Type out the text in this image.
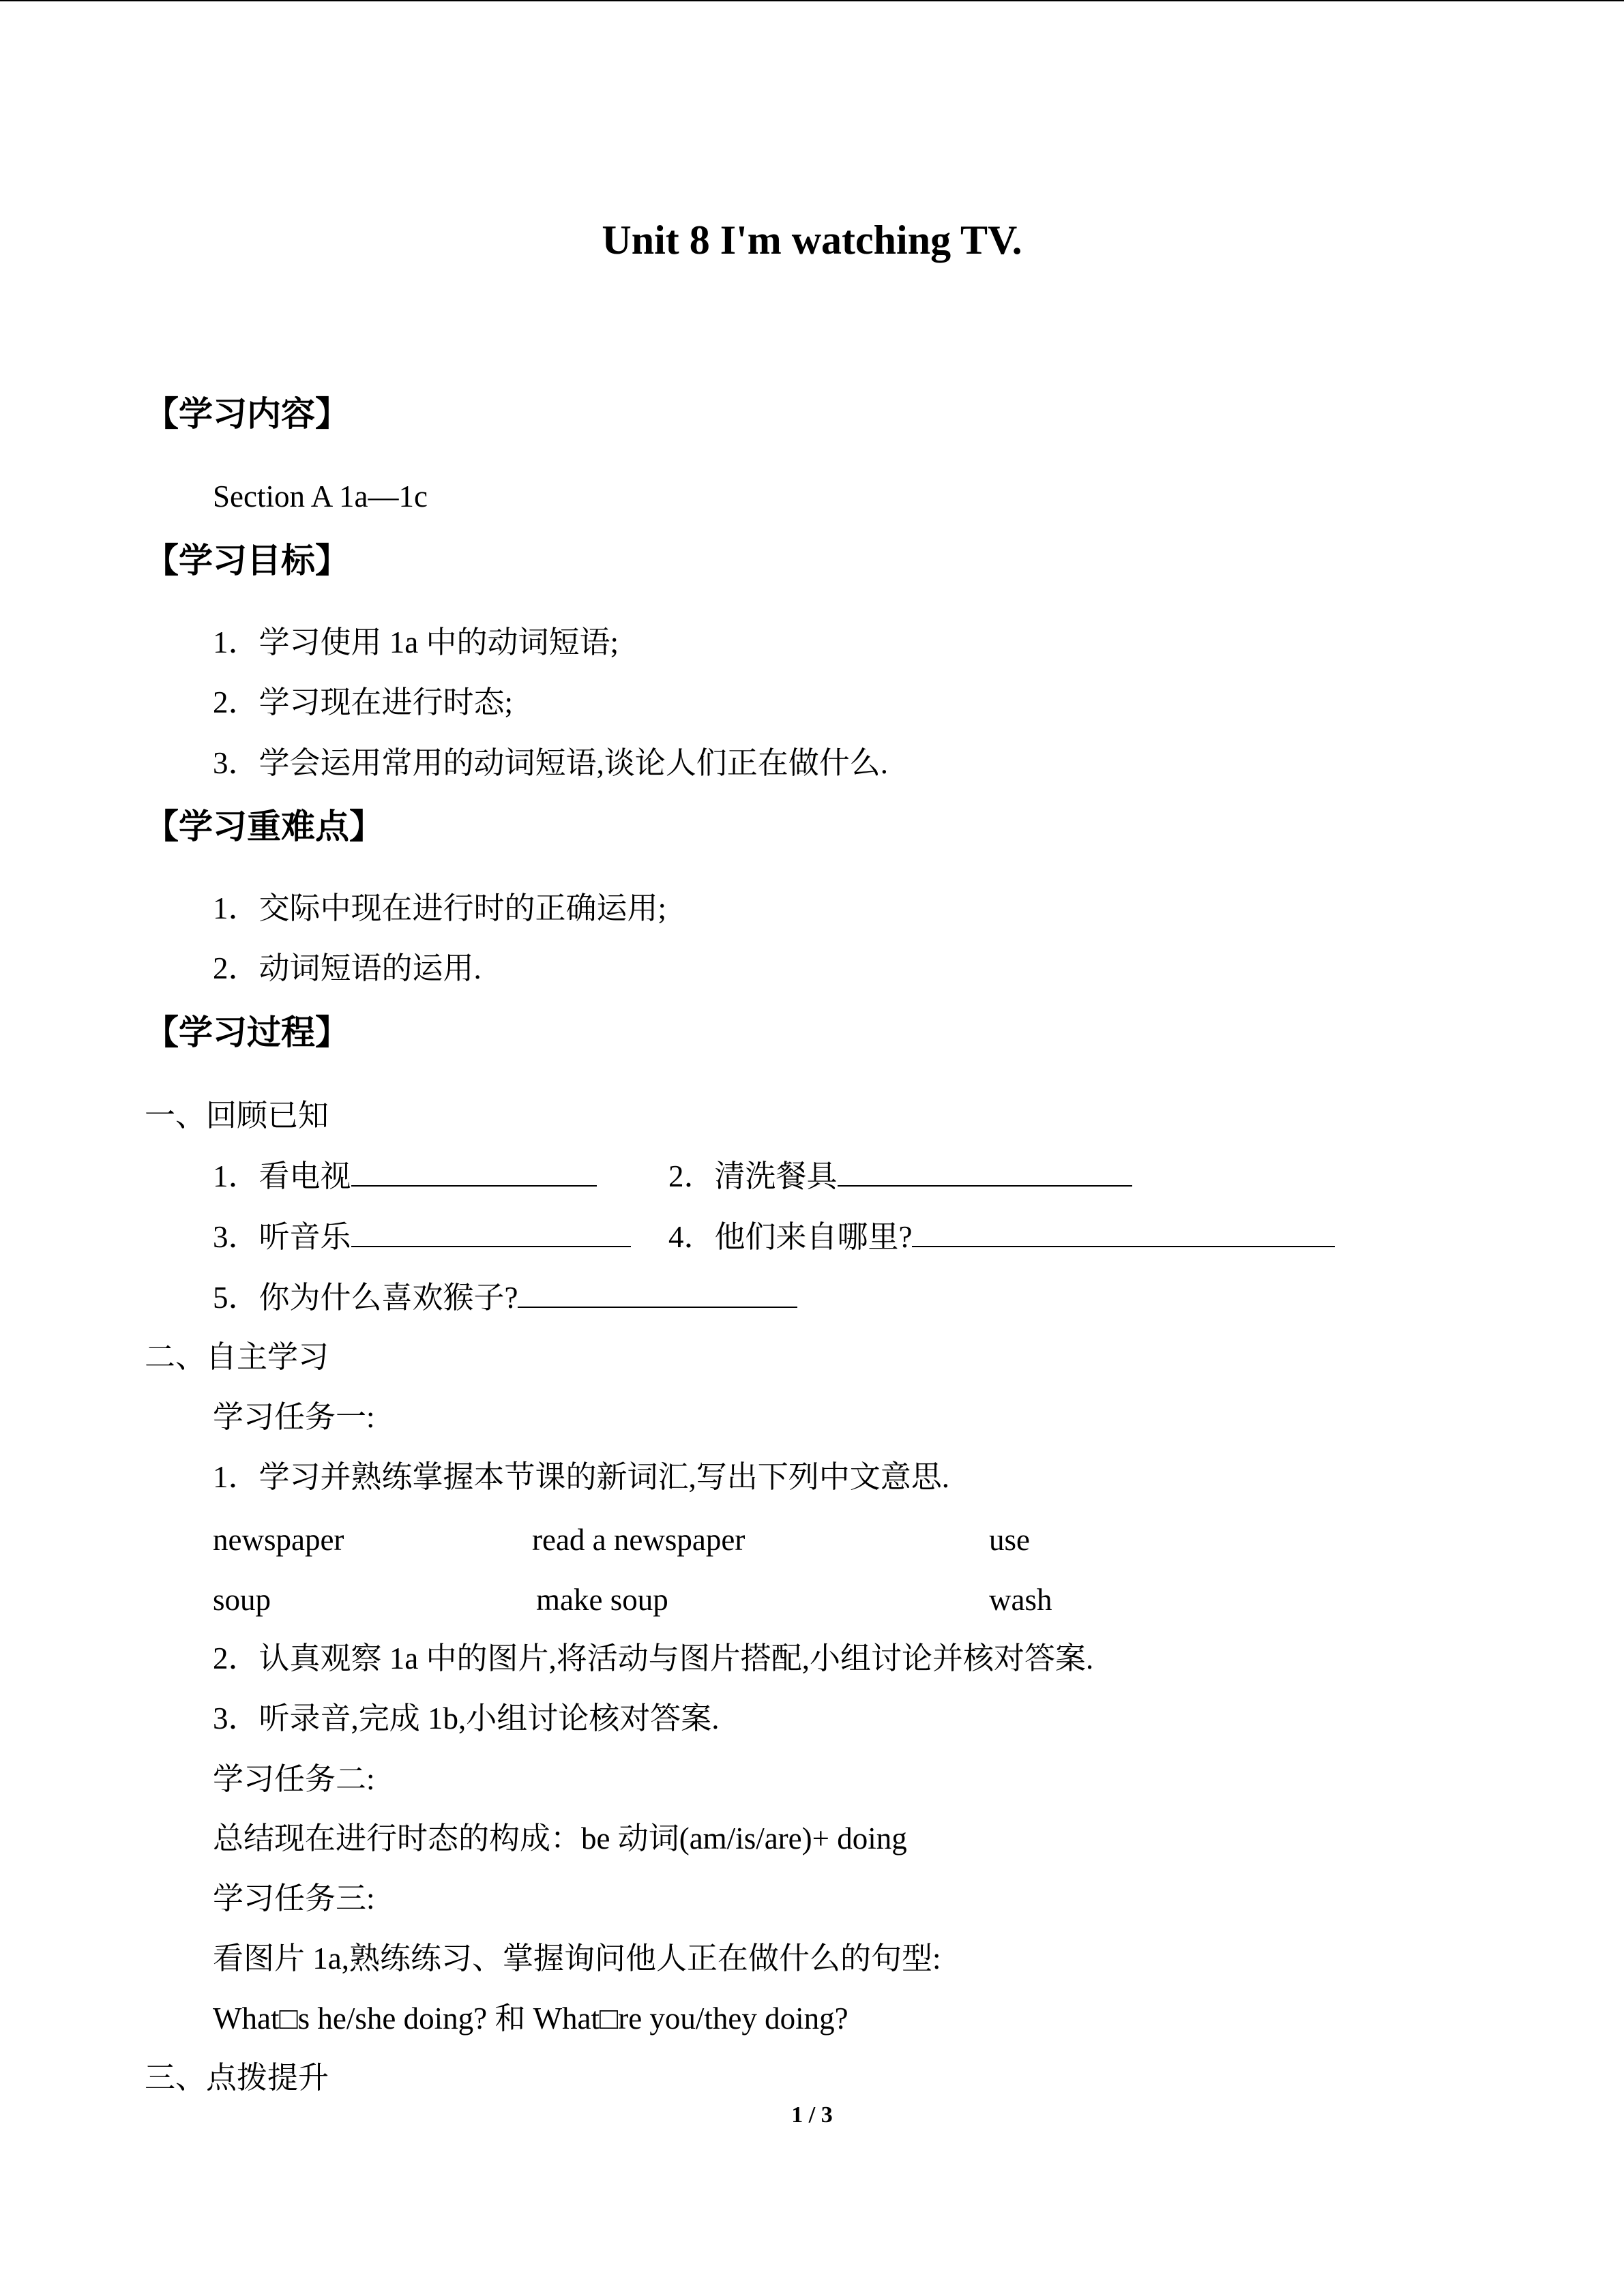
Unit 8 I'm watching TV.
【学习内容】
Section A 1a—1c
【学习目标】
1．学习使用 1a 中的动词短语;
2．学习现在进行时态;
3．学会运用常用的动词短语,谈论人们正在做什么.
【学习重难点】
1．交际中现在进行时的正确运用;
2．动词短语的运用.
【学习过程】
一、回顾已知
1．看电视	2．清洗餐具
3．听音乐	4．他们来自哪里?
5．你为什么喜欢猴子?
二、自主学习
学习任务一:
1．学习并熟练掌握本节课的新词汇,写出下列中文意思.
newspaper	read a newspaper	use
soup	make soup	wash
2．认真观察 1a 中的图片,将活动与图片搭配,小组讨论并核对答案.
3．听录音,完成 1b,小组讨论核对答案.
学习任务二:
总结现在进行时态的构成：be 动词(am/is/are)+ doing
学习任务三:
看图片 1a,熟练练习、掌握询问他人正在做什么的句型:
What□s he/she doing? 和 What□re you/they doing?
三、点拨提升
1 / 3
